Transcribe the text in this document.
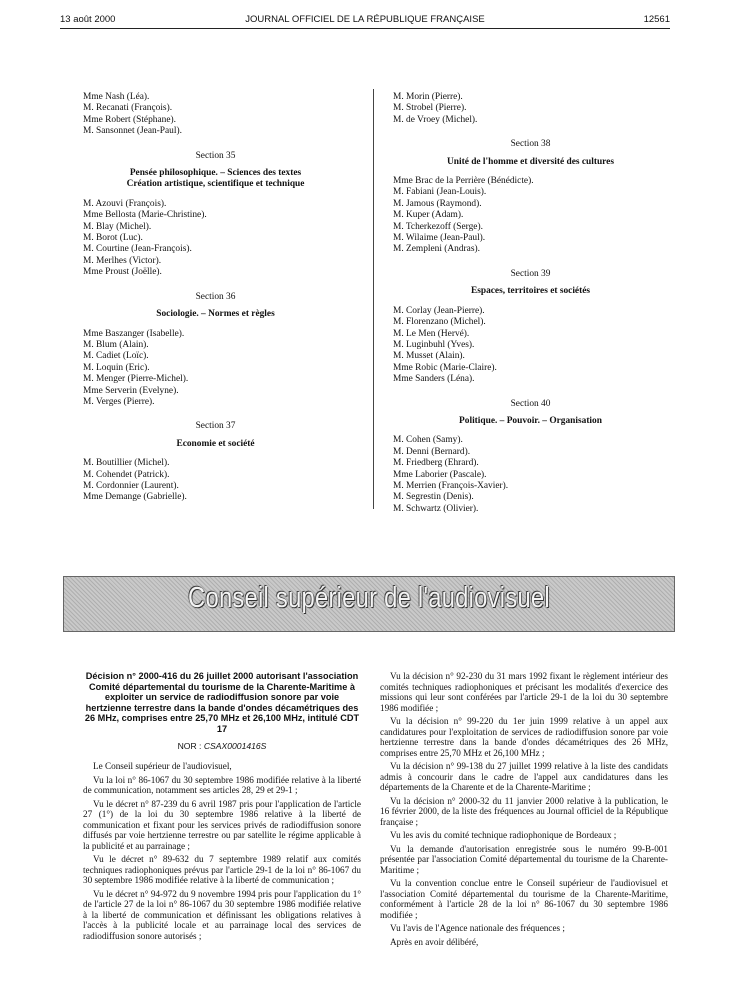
13 août 2000	JOURNAL OFFICIEL DE LA RÉPUBLIQUE FRANÇAISE	12561
Mme Nash (Léa).
M. Recanati (François).
Mme Robert (Stéphane).
M. Sansonnet (Jean-Paul).
Section 35
Pensée philosophique. – Sciences des textes
Création artistique, scientifique et technique
M. Azouvi (François).
Mme Bellosta (Marie-Christine).
M. Blay (Michel).
M. Borot (Luc).
M. Courtine (Jean-François).
M. Merlhes (Victor).
Mme Proust (Joëlle).
Section 36
Sociologie. – Normes et règles
Mme Baszanger (Isabelle).
M. Blum (Alain).
M. Cadiet (Loïc).
M. Loquin (Eric).
M. Menger (Pierre-Michel).
Mme Serverin (Evelyne).
M. Verges (Pierre).
Section 37
Economie et société
M. Boutillier (Michel).
M. Cohendet (Patrick).
M. Cordonnier (Laurent).
Mme Demange (Gabrielle).
M. Morin (Pierre).
M. Strobel (Pierre).
M. de Vroey (Michel).
Section 38
Unité de l'homme et diversité des cultures
Mme Brac de la Perrière (Bénédicte).
M. Fabiani (Jean-Louis).
M. Jamous (Raymond).
M. Kuper (Adam).
M. Tcherkezoff (Serge).
M. Wilaime (Jean-Paul).
M. Zempleni (Andras).
Section 39
Espaces, territoires et sociétés
M. Corlay (Jean-Pierre).
M. Florenzano (Michel).
M. Le Men (Hervé).
M. Luginbuhl (Yves).
M. Musset (Alain).
Mme Robic (Marie-Claire).
Mme Sanders (Léna).
Section 40
Politique. – Pouvoir. – Organisation
M. Cohen (Samy).
M. Denni (Bernard).
M. Friedberg (Ehrard).
Mme Laborier (Pascale).
M. Merrien (François-Xavier).
M. Segrestin (Denis).
M. Schwartz (Olivier).
Conseil supérieur de l'audiovisuel
Décision n° 2000-416 du 26 juillet 2000 autorisant l'association Comité départemental du tourisme de la Charente-Maritime à exploiter un service de radiodiffusion sonore par voie hertzienne terrestre dans la bande d'ondes décamétriques des 26 MHz, comprises entre 25,70 MHz et 26,100 MHz, intitulé CDT 17
NOR : CSAX0001416S

Le Conseil supérieur de l'audiovisuel,

Vu la loi n° 86-1067 du 30 septembre 1986 modifiée relative à la liberté de communication, notamment ses articles 28, 29 et 29-1 ;

Vu le décret n° 87-239 du 6 avril 1987 pris pour l'application de l'article 27 (1°) de la loi du 30 septembre 1986 relative à la liberté de communication et fixant pour les services privés de radiodiffusion sonore diffusés par voie hertzienne terrestre ou par satellite le régime applicable à la publicité et au parrainage ;

Vu le décret n° 89-632 du 7 septembre 1989 relatif aux comités techniques radiophoniques prévus par l'article 29-1 de la loi n° 86-1067 du 30 septembre 1986 modifiée relative à la liberté de communication ;

Vu le décret n° 94-972 du 9 novembre 1994 pris pour l'application du 1° de l'article 27 de la loi n° 86-1067 du 30 septembre 1986 modifiée relative à la liberté de communication et définissant les obligations relatives à l'accès à la publicité locale et au parrainage local des services de radiodiffusion sonore autorisés ;

Vu la décision n° 92-230 du 31 mars 1992 fixant le règlement intérieur des comités techniques radiophoniques et précisant les modalités d'exercice des missions qui leur sont conférées par l'article 29-1 de la loi du 30 septembre 1986 modifiée ;

Vu la décision n° 99-220 du 1er juin 1999 relative à un appel aux candidatures pour l'exploitation de services de radiodiffusion sonore par voie hertzienne terrestre dans la bande d'ondes décamétriques des 26 MHz, comprises entre 25,70 MHz et 26,100 MHz ;

Vu la décision n° 99-138 du 27 juillet 1999 relative à la liste des candidats admis à concourir dans le cadre de l'appel aux candidatures dans les départements de la Charente et de la Charente-Maritime ;

Vu la décision n° 2000-32 du 11 janvier 2000 relative à la publication, le 16 février 2000, de la liste des fréquences au Journal officiel de la République française ;

Vu les avis du comité technique radiophonique de Bordeaux ;

Vu la demande d'autorisation enregistrée sous le numéro 99-B-001 présentée par l'association Comité départemental du tourisme de la Charente-Maritime ;

Vu la convention conclue entre le Conseil supérieur de l'audiovisuel et l'association Comité départemental du tourisme de la Charente-Maritime, conformément à l'article 28 de la loi n° 86-1067 du 30 septembre 1986 modifiée ;

Vu l'avis de l'Agence nationale des fréquences ;

Après en avoir délibéré,
